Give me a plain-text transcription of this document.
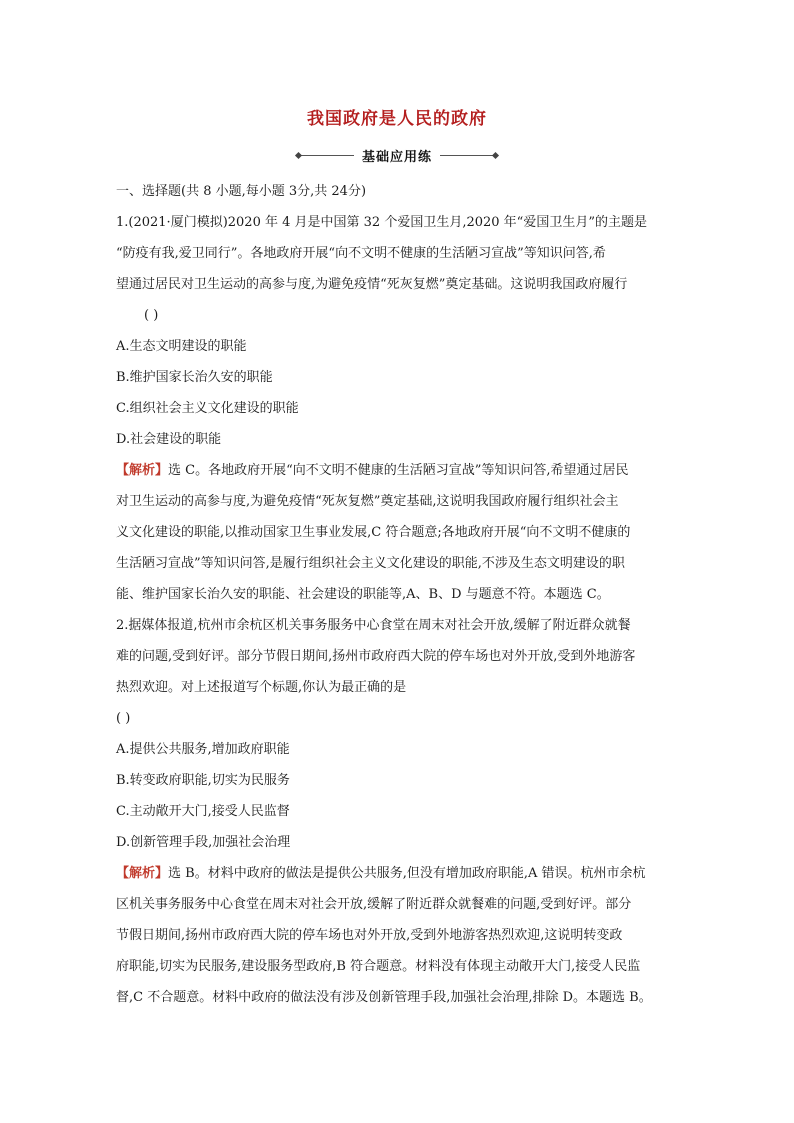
我国政府是人民的政府
基础应用练
一、选择题(共 8 小题,每小题 3分,共 24分)
1.(2021·厦门模拟)2020 年 4 月是中国第 32 个爱国卫生月,2020 年“爱国卫生月”的主题是
“防疫有我,爱卫同行”。各地政府开展“向不文明不健康的生活陋习宣战”等知识问答,希
望通过居民对卫生运动的高参与度,为避免疫情“死灰复燃”奠定基础。这说明我国政府履行
( )
A.生态文明建设的职能
B.维护国家长治久安的职能
C.组织社会主义文化建设的职能
D.社会建设的职能
【解析】选 C。各地政府开展“向不文明不健康的生活陋习宣战”等知识问答,希望通过居民
对卫生运动的高参与度,为避免疫情“死灰复燃”奠定基础,这说明我国政府履行组织社会主
义文化建设的职能,以推动国家卫生事业发展,C 符合题意;各地政府开展“向不文明不健康的
生活陋习宣战”等知识问答,是履行组织社会主义文化建设的职能,不涉及生态文明建设的职
能、维护国家长治久安的职能、社会建设的职能等,A、B、D 与题意不符。本题选 C。
2.据媒体报道,杭州市余杭区机关事务服务中心食堂在周末对社会开放,缓解了附近群众就餐
难的问题,受到好评。部分节假日期间,扬州市政府西大院的停车场也对外开放,受到外地游客
热烈欢迎。对上述报道写个标题,你认为最正确的是
( )
A.提供公共服务,增加政府职能
B.转变政府职能,切实为民服务
C.主动敞开大门,接受人民监督
D.创新管理手段,加强社会治理
【解析】选 B。材料中政府的做法是提供公共服务,但没有增加政府职能,A 错误。杭州市余杭
区机关事务服务中心食堂在周末对社会开放,缓解了附近群众就餐难的问题,受到好评。部分
节假日期间,扬州市政府西大院的停车场也对外开放,受到外地游客热烈欢迎,这说明转变政
府职能,切实为民服务,建设服务型政府,B 符合题意。材料没有体现主动敞开大门,接受人民监
督,C 不合题意。材料中政府的做法没有涉及创新管理手段,加强社会治理,排除 D。本题选 B。
